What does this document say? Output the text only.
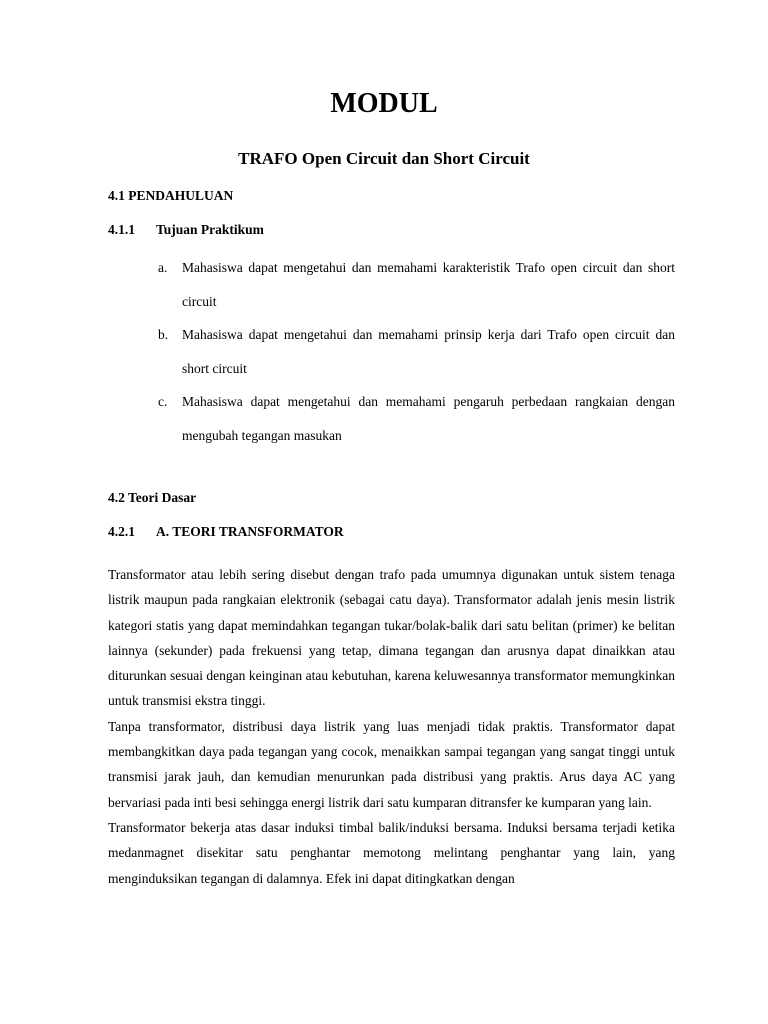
MODUL
TRAFO Open Circuit dan Short Circuit
4.1 PENDAHULUAN
4.1.1 Tujuan Praktikum
a. Mahasiswa dapat mengetahui dan memahami karakteristik Trafo open circuit dan short circuit
b. Mahasiswa dapat mengetahui dan memahami prinsip kerja dari Trafo open circuit dan short circuit
c. Mahasiswa dapat mengetahui dan memahami pengaruh perbedaan rangkaian dengan mengubah tegangan masukan
4.2 Teori Dasar
4.2.1 A. TEORI TRANSFORMATOR

Transformator atau lebih sering disebut dengan trafo pada umumnya digunakan untuk sistem tenaga listrik maupun pada rangkaian elektronik (sebagai catu daya). Transformator adalah jenis mesin listrik kategori statis yang dapat memindahkan tegangan tukar/bolak-balik dari satu belitan (primer) ke belitan lainnya (sekunder) pada frekuensi yang tetap, dimana tegangan dan arusnya dapat dinaikkan atau diturunkan sesuai dengan keinginan atau kebutuhan, karena keluwesannya transformator memungkinkan untuk transmisi ekstra tinggi.

Tanpa transformator, distribusi daya listrik yang luas menjadi tidak praktis. Transformator dapat membangkitkan daya pada tegangan yang cocok, menaikkan sampai tegangan yang sangat tinggi untuk transmisi jarak jauh, dan kemudian menurunkan pada distribusi yang praktis. Arus daya AC yang bervariasi pada inti besi sehingga energi listrik dari satu kumparan ditransfer ke kumparan yang lain.

Transformator bekerja atas dasar induksi timbal balik/induksi bersama. Induksi bersama terjadi ketika medanmagnet disekitar satu penghantar memotong melintang penghantar yang lain, yang menginduksikan tegangan di dalamnya. Efek ini dapat ditingkatkan dengan
